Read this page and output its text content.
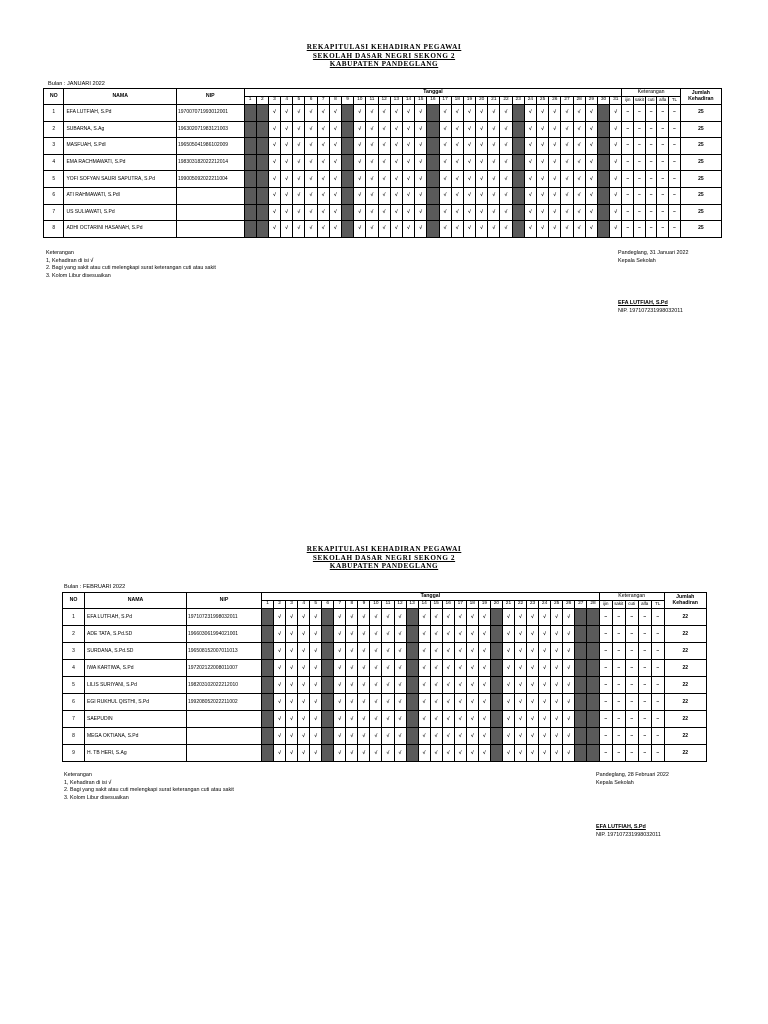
REKAPITULASI KEHADIRAN PEGAWAI
SEKOLAH DASAR NEGRI SEKONG 2
KABUPATEN PANDEGLANG
Bulan : JANUARI 2022
NO	NAMA	NIP	Tanggal																															Keterangan					Jumlah Kehadiran
			1	2	3	4	5	6	7	8	9	10	11	12	13	14	15	16	17	18	19	20	21	22	23	24	25	26	27	28	29	30	31	ijin	sakit	cuti	alfa	TL	
1	EFA LUTFIAH, S.Pd	197007071993012001			√	√	√	√	√	√		√	√	√	√	√	√		√	√	√	√	√	√		√	√	√	√	√	√		√	–	–	–	–	–	25
2	SUBARNA, S.Ag	196302071983121003			√	√	√	√	√	√		√	√	√	√	√	√		√	√	√	√	√	√		√	√	√	√	√	√		√	–	–	–	–	–	25
3	MASFUAH, S.Pdl	196505041986102009			√	√	√	√	√	√		√	√	√	√	√	√		√	√	√	√	√	√		√	√	√	√	√	√		√	–	–	–	–	–	25
4	EMA RACHMAWATI, S.Pd	198303182022212014			√	√	√	√	√	√		√	√	√	√	√	√		√	√	√	√	√	√		√	√	√	√	√	√		√	–	–	–	–	–	25
5	YOFI SOFYAN SAURI SAPUTRA, S.Pd	199005092022211004			√	√	√	√	√	√		√	√	√	√	√	√		√	√	√	√	√	√		√	√	√	√	√	√		√	–	–	–	–	–	25
6	ATI RAHMAWATI, S.Pdl				√	√	√	√	√	√		√	√	√	√	√	√		√	√	√	√	√	√		√	√	√	√	√	√		√	–	–	–	–	–	25
7	US SULIAWATI, S.Pd				√	√	√	√	√	√		√	√	√	√	√	√		√	√	√	√	√	√		√	√	√	√	√	√		√	–	–	–	–	–	25
8	ADHI OCTARINI HASANAH, S.Pd				√	√	√	√	√	√		√	√	√	√	√	√		√	√	√	√	√	√		√	√	√	√	√	√		√	–	–	–	–	–	25
Keterangan
1, Kehadiran di isi √
2. Bagi yang sakit atau cuti melengkapi surat keterangan cuti atau sakit
3. Kolom Libur disesuaikan
Pandeglang, 31 Januari 2022
Kepala Sekolah
EFA LUTFIAH, S.Pd
NIP. 197107231998032011
REKAPITULASI KEHADIRAN PEGAWAI
SEKOLAH DASAR NEGRI SEKONG 2
KABUPATEN PANDEGLANG
Bulan : FEBRUARI 2022
NO	NAMA	NIP	Tanggal																												Keterangan					Jumlah Kehadiran
			1	2	3	4	5	6	7	8	9	10	11	12	13	14	15	16	17	18	19	20	21	22	23	24	25	26	27	28	ijin	sakit	cuti	alfa	TL	
1	EFA LUTFIAH, S.Pd	197107231998032011		√	√	√	√		√	√	√	√	√	√		√	√	√	√	√	√		√	√	√	√	√	√			–	–	–	–	–	22
2	ADE TATA, S.Pd.SD	196603061994021001		√	√	√	√		√	√	√	√	√	√		√	√	√	√	√	√		√	√	√	√	√	√			–	–	–	–	–	22
3	SURDANA, S.Pd.SD	196508152007011013		√	√	√	√		√	√	√	√	√	√		√	√	√	√	√	√		√	√	√	√	√	√			–	–	–	–	–	22
4	IWA KARTIWA, S.Pd	197202122008011007		√	√	√	√		√	√	√	√	√	√		√	√	√	√	√	√		√	√	√	√	√	√			–	–	–	–	–	22
5	LILIS SURIYANI, S.Pd	198203102022212010		√	√	√	√		√	√	√	√	√	√		√	√	√	√	√	√		√	√	√	√	√	√			–	–	–	–	–	22
6	EGI RUKHUL QISTHI, S.Pd	199208052022211002		√	√	√	√		√	√	√	√	√	√		√	√	√	√	√	√		√	√	√	√	√	√			–	–	–	–	–	22
7	SAEPUDIN			√	√	√	√		√	√	√	√	√	√		√	√	√	√	√	√		√	√	√	√	√	√			–	–	–	–	–	22
8	MEGA OKTIANA, S.Pd			√	√	√	√		√	√	√	√	√	√		√	√	√	√	√	√		√	√	√	√	√	√			–	–	–	–	–	22
9	H. TB HERI, S.Ag			√	√	√	√		√	√	√	√	√	√		√	√	√	√	√	√		√	√	√	√	√	√			–	–	–	–	–	22
Keterangan
1, Kehadiran di isi √
2. Bagi yang sakit atau cuti melengkapi surat keterangan cuti atau sakit
3. Kolom Libur disesuaikan
Pandeglang, 28 Februari 2022
Kepala Sekolah
EFA LUTFIAH, S.Pd
NIP. 197107231998032011
